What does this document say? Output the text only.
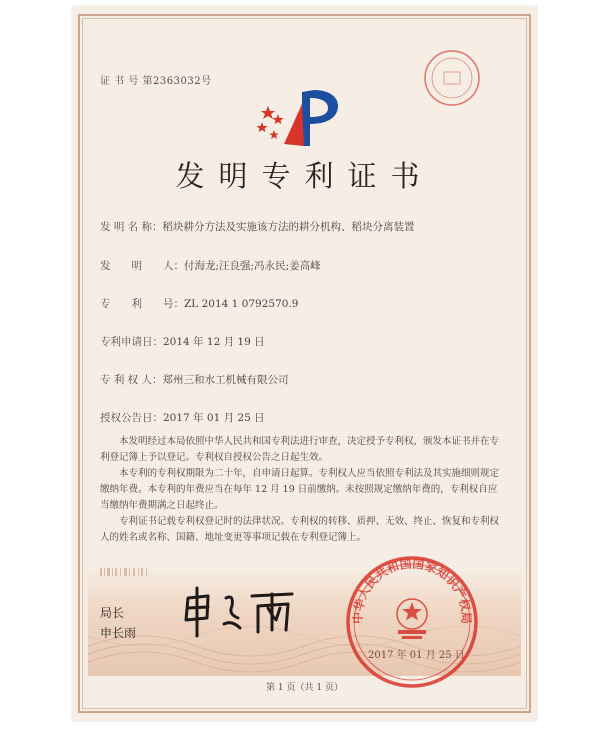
证 书 号 第2363032号
发明专利证书
发 明 名 称：稻块耕分方法及实施该方法的耕分机构、稻块分离装置
发　　明　　人：付海龙;汪良强;冯永民;姜高峰
专　　利　　号：ZL 2014 1 0792570.9
专利申请日：2014 年 12 月 19 日
专 利 权 人：郑州三和水工机械有限公司
授权公告日：2017 年 01 月 25 日
本发明经过本局依照中华人民共和国专利法进行审查，决定授予专利权，颁发本证书并在专利登记簿上予以登记。专利权自授权公告之日起生效。
本专利的专利权期限为二十年，自申请日起算。专利权人应当依照专利法及其实施细则规定缴纳年费。本专利的年费应当在每年 12 月 19 日前缴纳。未按照规定缴纳年费的，专利权自应当缴纳年费期满之日起终止。
专利证书记载专利权登记时的法律状况。专利权的转移、质押、无效、终止、恢复和专利权人的姓名或名称、国籍、地址变更等事项记载在专利登记簿上。
局长
申长雨
中华人民共和国国家知识产权局
2017 年 01 月 25 日
第 1 页（共 1 页）
